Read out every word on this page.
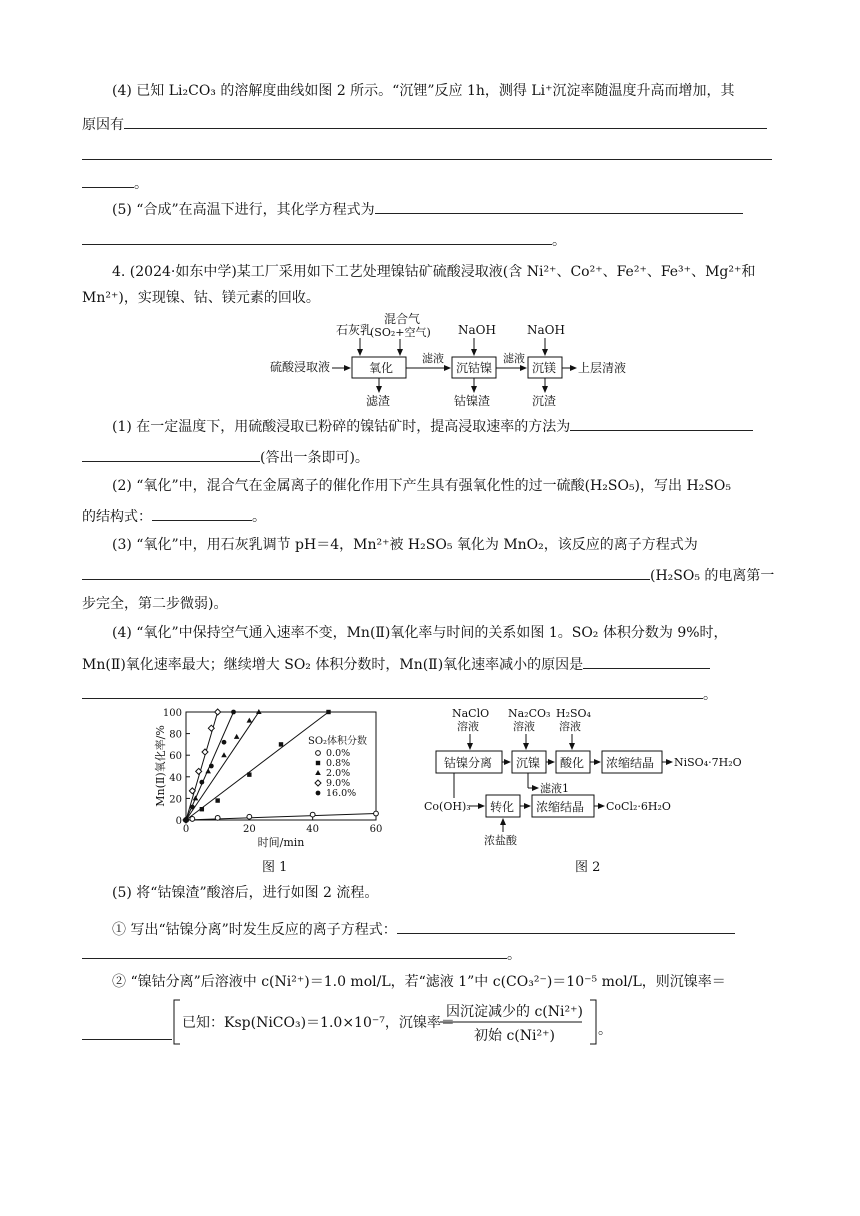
(4) 已知 Li₂CO₃ 的溶解度曲线如图 2 所示。“沉锂”反应 1h，测得 Li⁺沉淀率随温度升高而增加，其
原因有
。
(5) “合成”在高温下进行，其化学方程式为
。
4. (2024·如东中学)某工厂采用如下工艺处理镍钴矿硫酸浸取液(含 Ni²⁺、Co²⁺、Fe²⁺、Fe³⁺、Mg²⁺和
Mn²⁺)，实现镍、钴、镁元素的回收。
硫酸浸取液	氧化
石灰乳
混合气
(SO₂+空气)
滤渣
滤液
沉钴镍
NaOH
钴镍渣
滤液
沉镁
NaOH
沉渣
上层清液
(1) 在一定温度下，用硫酸浸取已粉碎的镍钴矿时，提高浸取速率的方法为
(答出一条即可)。
(2) “氧化”中，混合气在金属离子的催化作用下产生具有强氧化性的过一硫酸(H₂SO₅)，写出 H₂SO₅
的结构式：	。
(3) “氧化”中，用石灰乳调节 pH＝4，Mn²⁺被 H₂SO₅ 氧化为 MnO₂，该反应的离子方程式为
(H₂SO₅ 的电离第一
步完全，第二步微弱)。
(4) “氧化”中保持空气通入速率不变，Mn(Ⅱ)氧化率与时间的关系如图 1。SO₂ 体积分数为 9%时，
Mn(Ⅱ)氧化速率最大；继续增大 SO₂ 体积分数时，Mn(Ⅱ)氧化速率减小的原因是
。
0
20
40
60
80
100
0	20	40	60
时间/min
Mn(Ⅱ)氧化率/%	SO₂体积分数
0.0%
0.8%
2.0%
9.0%
16.0%
图 1
NaClO
溶液
钴镍分离
Na₂CO₃
溶液
沉镍
滤液1
H₂SO₄
溶液
酸化 浓缩结晶 NiSO₄·7H₂O
Co(OH)₃ 转化
浓盐酸
浓缩结晶 CoCl₂·6H₂O
图 2
(5) 将“钴镍渣”酸溶后，进行如图 2 流程。
① 写出“钴镍分离”时发生反应的离子方程式：
。
② “镍钴分离”后溶液中 c(Ni²⁺)＝1.0 mol/L，若“滤液 1”中 c(CO₃²⁻)＝10⁻⁵ mol/L，则沉镍率＝
已知：Ksp(NiCO₃)＝1.0×10⁻⁷，沉镍率＝
因沉淀减少的 c(Ni²⁺)
初始 c(Ni²⁺)	。
